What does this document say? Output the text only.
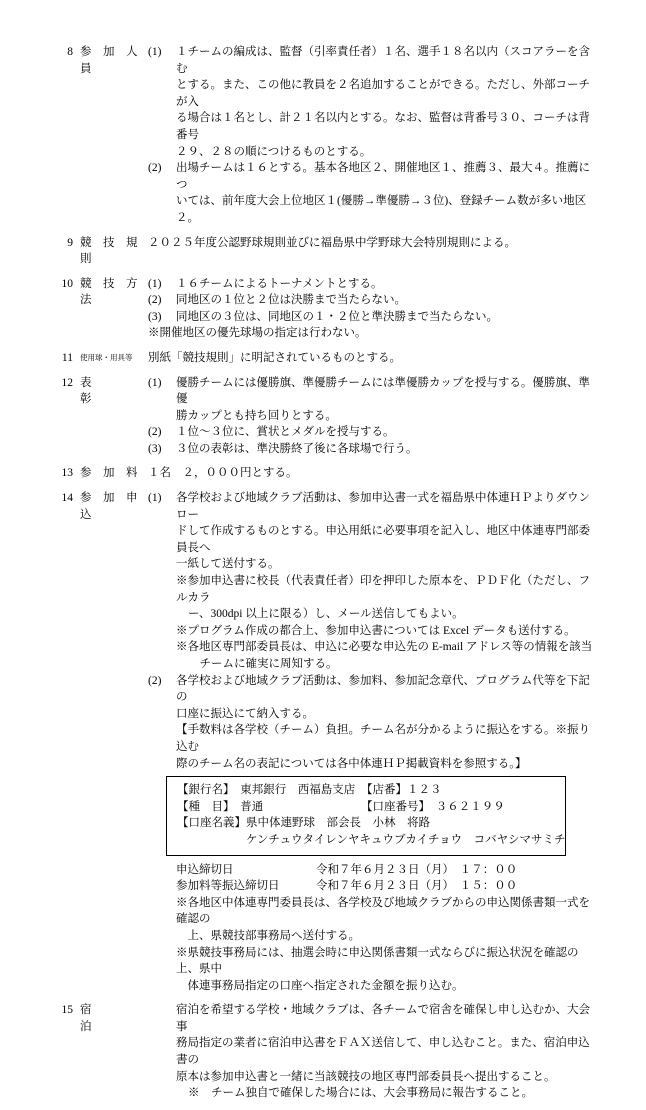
8 参　加　人　員
(1)	１チームの編成は、監督（引率責任者）１名、選手１８名以内（スコアラーを含む
とする。また、この他に教員を２名追加することができる。ただし、外部コーチが入
る場合は１名とし、計２１名以内とする。なお、監督は背番号３０、コーチは背番号
２９、２８の順につけるものとする。
(2)	出場チームは１６とする。基本各地区２、開催地区１、推薦３、最大４。推薦につ
いては、前年度大会上位地区１(優勝→準優勝→３位)、登録チーム数が多い地区２。
9 競　技　規　則
２０２５年度公認野球規則並びに福島県中学野球大会特別規則による。
10 競　技　方　法
(1)	１６チームによるトーナメントとする。
(2)	同地区の１位と２位は決勝まで当たらない。
(3)	同地区の３位は、同地区の１・２位と準決勝まで当たらない。
※開催地区の優先球場の指定は行わない。
11 使用球・用具等	別紙「競技規則」に明記されているものとする。
12 表　　　　彰
(1)	優勝チームには優勝旗、準優勝チームには準優勝カップを授与する。優勝旗、準優
勝カップとも持ち回りとする。
(2)	１位～３位に、賞状とメダルを授与する。
(3)	３位の表彰は、準決勝終了後に各球場で行う。
13 参　加　料 １名　２，０００円とする。
14 参　加　申　込
(1)	各学校および地域クラブ活動は、参加申込書一式を福島県中体連ＨＰよりダウンロー
ドして作成するものとする。申込用紙に必要事項を記入し、地区中体連専門部委員長へ
一紙して送付する。
※参加申込書に校長（代表責任者）印を押印した原本を、ＰＤＦ化（ただし、フルカラ
ー、300dpi 以上に限る）し、メール送信してもよい。
※プログラム作成の都合上、参加申込書については Excel データも送付する。
※各地区専門部委員長は、申込に必要な申込先の E-mail アドレス等の情報を該当
　チームに確実に周知する。
(2)	各学校および地域クラブ活動は、参加料、参加記念章代、プログラム代等を下記の
口座に振込にて納入する。
【手数料は各学校（チーム）負担。チーム名が分かるように振込をする。※振り込む
際のチーム名の表記については各中体連ＨＰ掲載資料を参照する。】
【銀行名】　東邦銀行　西福島支店　【店番】１２３
【種　目】　普通　　　　　　　　　【口座番号】　３６２１９９
【口座名義】県中体連野球　部会長　小林　将路
　　　　　　ケンチュウタイレンヤキュウブカイチョウ　コバヤシマサミチ
申込締切日	令和７年６月２３日（月）　１７：００
参加料等振込締切日	令和７年６月２３日（月）　１５：００
※各地区中体連専門委員長は、各学校及び地域クラブからの申込関係書類一式を確認の
　上、県競技部事務局へ送付する。
※県競技事務局には、抽選会時に申込関係書類一式ならびに振込状況を確認の上、県中
　体連事務局指定の口座へ指定された金額を振り込む。
15 宿　　　　泊
宿泊を希望する学校・地域クラブは、各チームで宿舎を確保し申し込むか、大会事
務局指定の業者に宿泊申込書をＦＡＸ送信して、申し込むこと。また、宿泊申込書の
原本は参加申込書と一緒に当該競技の地区専門部委員長へ提出すること。
※　チーム独自で確保した場合には、大会事務局に報告すること。
